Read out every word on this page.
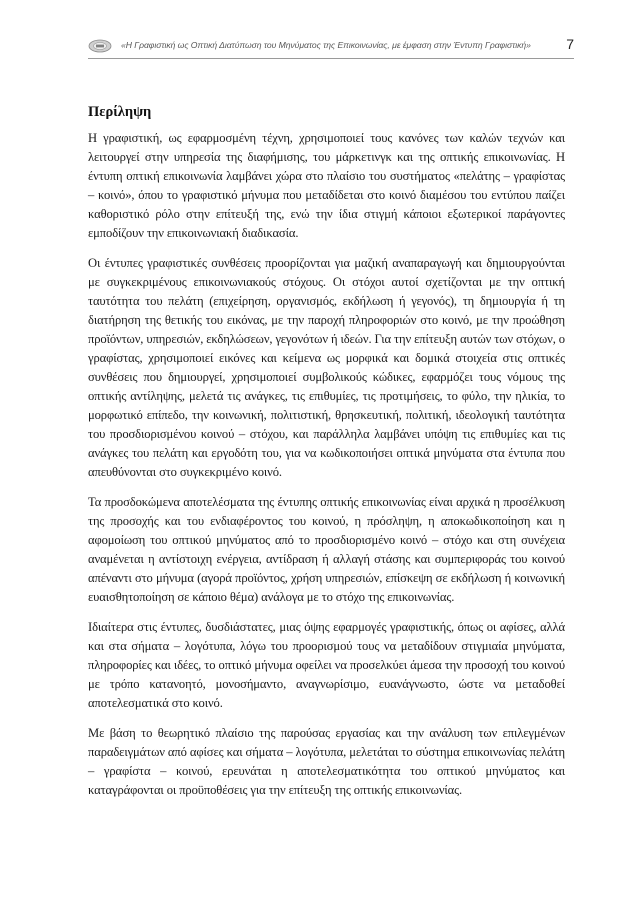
«Η Γραφιστική ως Οπτική Διατύπωση του Μηνύματος της Επικοινωνίας, με έμφαση στην Έντυπη Γραφιστική»	7
Περίληψη

Η γραφιστική, ως εφαρμοσμένη τέχνη, χρησιμοποιεί τους κανόνες των καλών τεχνών και λειτουργεί στην υπηρεσία της διαφήμισης, του μάρκετινγκ και της οπτικής επικοινωνίας. Η έντυπη οπτική επικοινωνία λαμβάνει χώρα στο πλαίσιο του συστήματος «πελάτης – γραφίστας – κοινό», όπου το γραφιστικό μήνυμα που μεταδίδεται στο κοινό διαμέσου του εντύπου παίζει καθοριστικό ρόλο στην επίτευξή της, ενώ την ίδια στιγμή κάποιοι εξωτερικοί παράγοντες εμποδίζουν την επικοινωνιακή διαδικασία.

Οι έντυπες γραφιστικές συνθέσεις προορίζονται για μαζική αναπαραγωγή και δημιουργούνται με συγκεκριμένους επικοινωνιακούς στόχους. Οι στόχοι αυτοί σχετίζονται με την οπτική ταυτότητα του πελάτη (επιχείρηση, οργανισμός, εκδήλωση ή γεγονός), τη δημιουργία ή τη διατήρηση της θετικής του εικόνας, με την παροχή πληροφοριών στο κοινό, με την προώθηση προϊόντων, υπηρεσιών, εκδηλώσεων, γεγονότων ή ιδεών. Για την επίτευξη αυτών των στόχων, ο γραφίστας, χρησιμοποιεί εικόνες και κείμενα ως μορφικά και δομικά στοιχεία στις οπτικές συνθέσεις που δημιουργεί, χρησιμοποιεί συμβολικούς κώδικες, εφαρμόζει τους νόμους της οπτικής αντίληψης, μελετά τις ανάγκες, τις επιθυμίες, τις προτιμήσεις, το φύλο, την ηλικία, το μορφωτικό επίπεδο, την κοινωνική, πολιτιστική, θρησκευτική, πολιτική, ιδεολογική ταυτότητα του προσδιορισμένου κοινού – στόχου, και παράλληλα λαμβάνει υπόψη τις επιθυμίες και τις ανάγκες του πελάτη και εργοδότη του, για να κωδικοποιήσει οπτικά μηνύματα στα έντυπα που απευθύνονται στο συγκεκριμένο κοινό.

Τα προσδοκώμενα αποτελέσματα της έντυπης οπτικής επικοινωνίας είναι αρχικά η προσέλκυση της προσοχής και του ενδιαφέροντος του κοινού, η πρόσληψη, η αποκωδικοποίηση και η αφομοίωση του οπτικού μηνύματος από το προσδιορισμένο κοινό – στόχο και στη συνέχεια αναμένεται η αντίστοιχη ενέργεια, αντίδραση ή αλλαγή στάσης και συμπεριφοράς του κοινού απέναντι στο μήνυμα (αγορά προϊόντος, χρήση υπηρεσιών, επίσκεψη σε εκδήλωση ή κοινωνική ευαισθητοποίηση σε κάποιο θέμα) ανάλογα με το στόχο της επικοινωνίας.

Ιδιαίτερα στις έντυπες, δυσδιάστατες, μιας όψης εφαρμογές γραφιστικής, όπως οι αφίσες, αλλά και στα σήματα – λογότυπα, λόγω του προορισμού τους να μεταδίδουν στιγμιαία μηνύματα, πληροφορίες και ιδέες, το οπτικό μήνυμα οφείλει να προσελκύει άμεσα την προσοχή του κοινού με τρόπο κατανοητό, μονοσήμαντο, αναγνωρίσιμο, ευανάγνωστο, ώστε να μεταδοθεί αποτελεσματικά στο κοινό.

Με βάση το θεωρητικό πλαίσιο της παρούσας εργασίας και την ανάλυση των επιλεγμένων παραδειγμάτων από αφίσες και σήματα – λογότυπα, μελετάται το σύστημα επικοινωνίας πελάτη – γραφίστα – κοινού, ερευνάται η αποτελεσματικότητα του οπτικού μηνύματος και καταγράφονται οι προϋποθέσεις για την επίτευξη της οπτικής επικοινωνίας.
